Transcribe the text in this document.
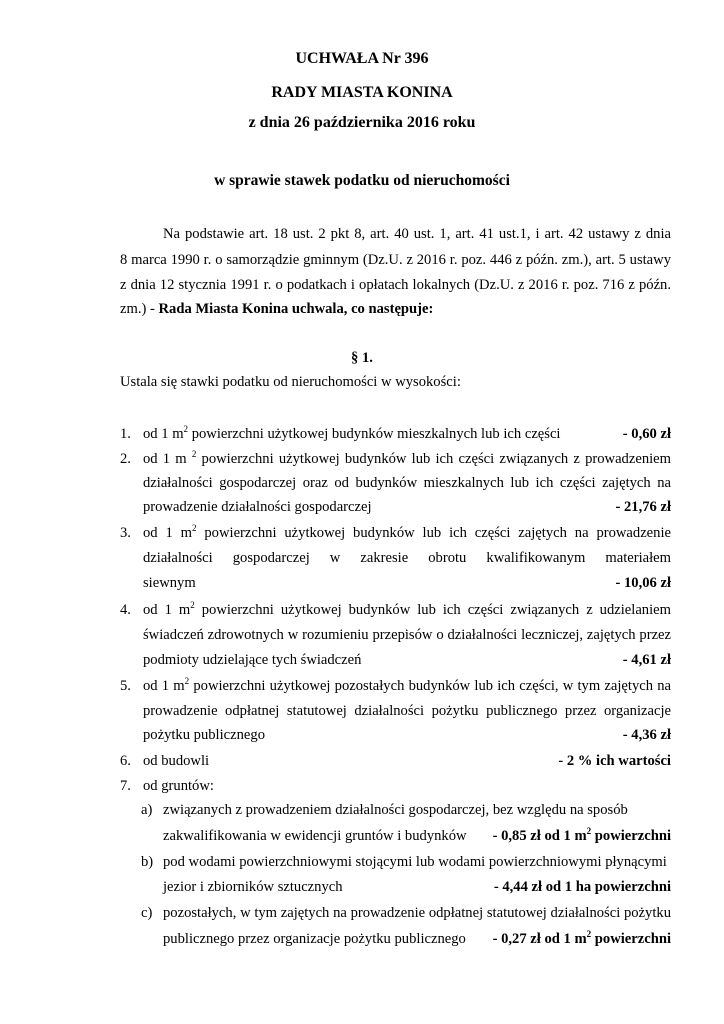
UCHWAŁA Nr 396
RADY MIASTA KONINA
z dnia 26 października 2016 roku
w sprawie stawek podatku od nieruchomości
Na podstawie art. 18 ust. 2 pkt 8, art. 40 ust. 1, art. 41 ust.1, i art. 42 ustawy z dnia
8 marca 1990 r. o samorządzie gminnym (Dz.U. z 2016 r. poz. 446 z późn. zm.), art. 5 ustawy
z dnia 12 stycznia 1991 r. o podatkach i opłatach lokalnych (Dz.U. z 2016 r. poz. 716 z późn.
zm.) - Rada Miasta Konina uchwala, co następuje:
§ 1.
Ustala się stawki podatku od nieruchomości w wysokości:
1. od 1 $m^2$ powierzchni użytkowej budynków mieszkalnych lub ich części	- 0,60 zł
2. od 1 m $^2$ powierzchni użytkowej budynków lub ich części związanych z prowadzeniem
działalności gospodarczej oraz od budynków mieszkalnych lub ich części zajętych na
prowadzenie działalności gospodarczej	- 21,76 zł
3. od 1 $m^2$ powierzchni użytkowej budynków lub ich części zajętych na prowadzenie
działalności gospodarczej w zakresie obrotu kwalifikowanym materiałem
siewnym	- 10,06 zł
4. od 1 $m^2$ powierzchni użytkowej budynków lub ich części związanych z udzielaniem
świadczeń zdrowotnych w rozumieniu przepisów o działalności leczniczej, zajętych przez
podmioty udzielające tych świadczeń	- 4,61 zł
5. od 1 $m^2$ powierzchni użytkowej pozostałych budynków lub ich części, w tym zajętych na
prowadzenie odpłatnej statutowej działalności pożytku publicznego przez organizacje
pożytku publicznego	- 4,36 zł
6. od budowli	- 2 % ich wartości
7. od gruntów:
a) związanych z prowadzeniem działalności gospodarczej, bez względu na sposób
zakwalifikowania w ewidencji gruntów i budynków - 0,85 zł od 1 $m^2$ powierzchni
b) pod wodami powierzchniowymi stojącymi lub wodami powierzchniowymi płynącymi
jezior i zbiorników sztucznych	- 4,44 zł od 1 ha powierzchni
c) pozostałych, w tym zajętych na prowadzenie odpłatnej statutowej działalności pożytku
publicznego przez organizacje pożytku publicznego - 0,27 zł od 1 $m^2$ powierzchni
